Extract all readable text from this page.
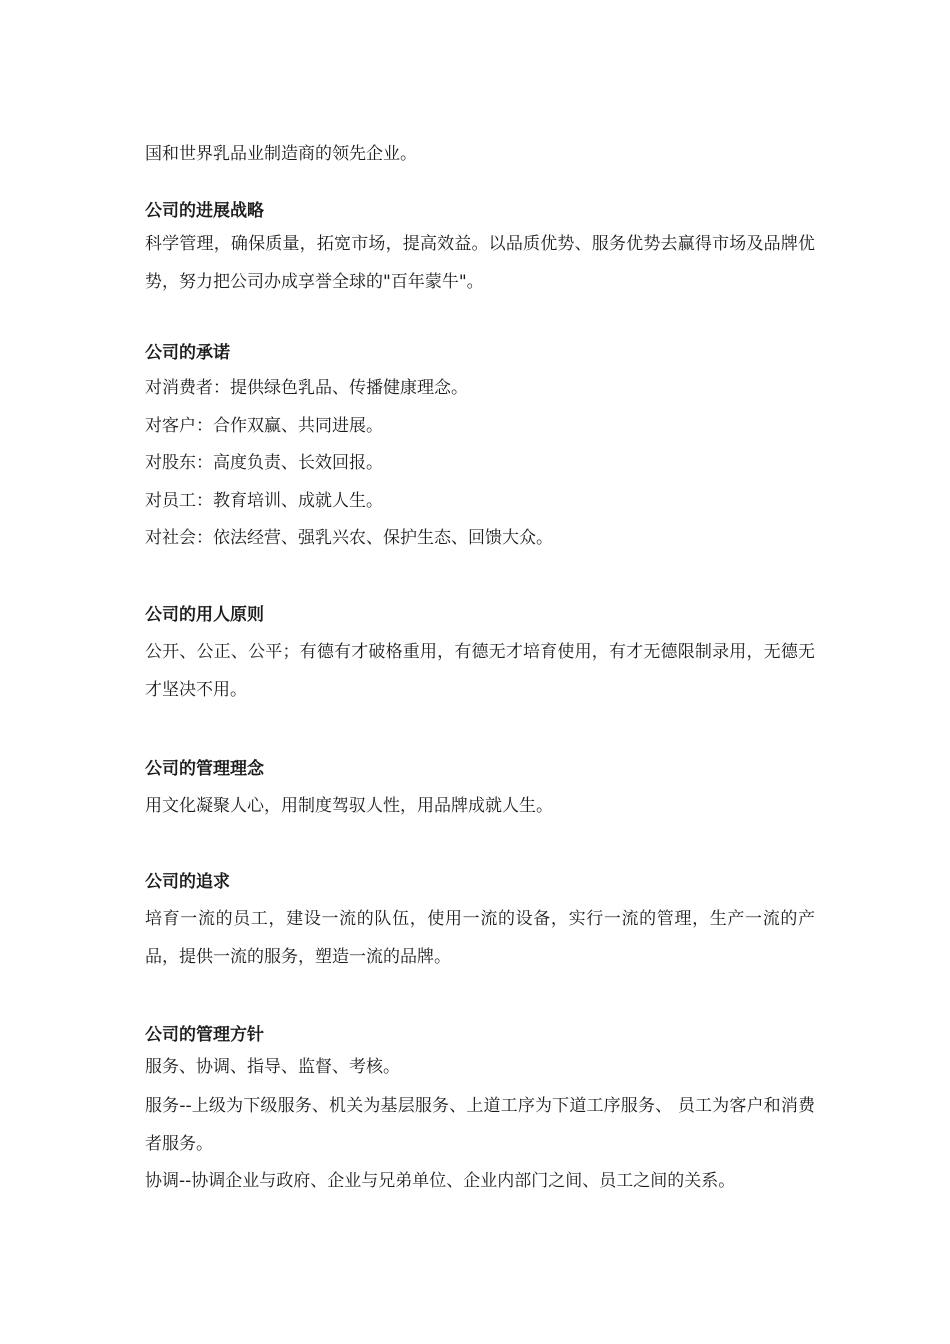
国和世界乳品业制造商的领先企业。

公司的进展战略

科学管理，确保质量，拓宽市场，提高效益。以品质优势、服务优势去赢得市场及品牌优势，努力把公司办成享誉全球的"百年蒙牛"。

公司的承诺

对消费者：提供绿色乳品、传播健康理念。

对客户：合作双赢、共同进展。

对股东：高度负责、长效回报。

对员工：教育培训、成就人生。

对社会：依法经营、强乳兴农、保护生态、回馈大众。

公司的用人原则

公开、公正、公平；有德有才破格重用，有德无才培育使用，有才无德限制录用，无德无才坚决不用。

公司的管理理念

用文化凝聚人心，用制度驾驭人性，用品牌成就人生。

公司的追求

培育一流的员工，建设一流的队伍，使用一流的设备，实行一流的管理，生产一流的产品，提供一流的服务，塑造一流的品牌。

公司的管理方针

服务、协调、指导、监督、考核。

服务--上级为下级服务、机关为基层服务、上道工序为下道工序服务、 员工为客户和消费者服务。

协调--协调企业与政府、企业与兄弟单位、企业内部门之间、员工之间的关系。
